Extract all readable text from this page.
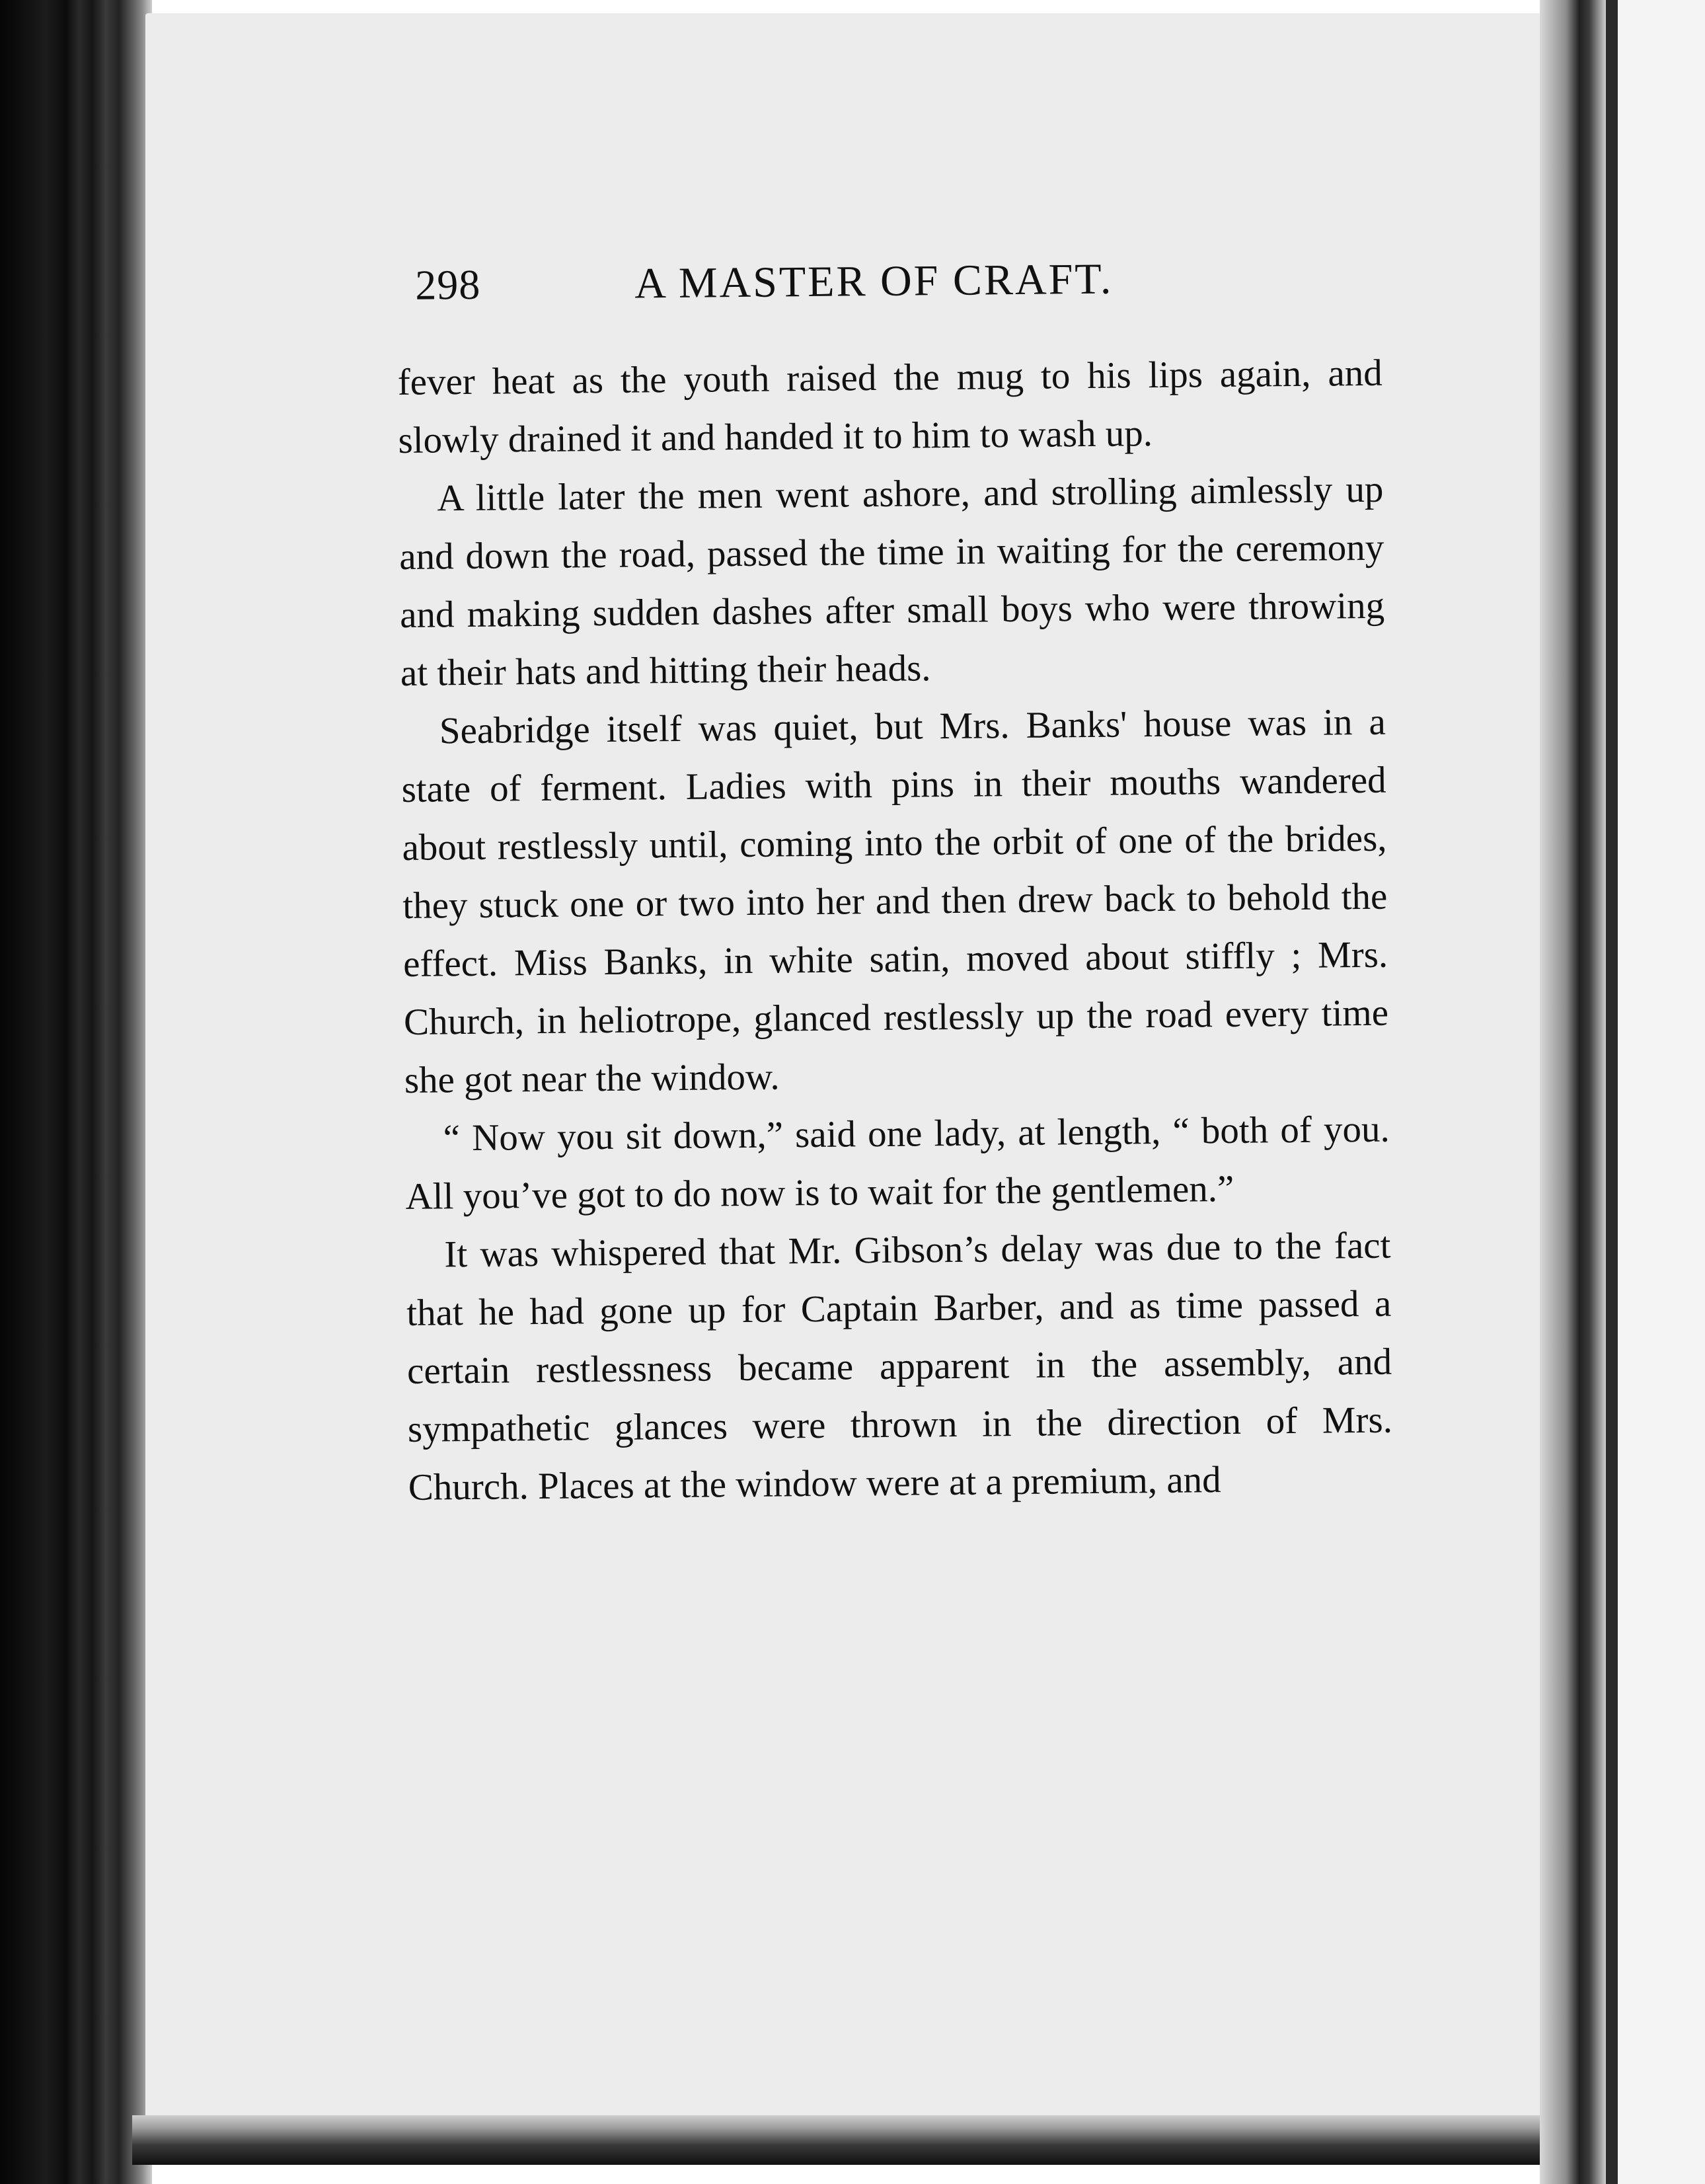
298	A MASTER OF CRAFT.

fever heat as the youth raised the mug to his lips again, and slowly drained it and handed it to him to wash up.

A little later the men went ashore, and strolling aimlessly up and down the road, passed the time in waiting for the ceremony and making sudden dashes after small boys who were throwing at their hats and hitting their heads.

Seabridge itself was quiet, but Mrs. Banks' house was in a state of ferment. Ladies with pins in their mouths wandered about restlessly until, coming into the orbit of one of the brides, they stuck one or two into her and then drew back to behold the effect. Miss Banks, in white satin, moved about stiffly ; Mrs. Church, in heliotrope, glanced restlessly up the road every time she got near the window.

“ Now you sit down,” said one lady, at length, “ both of you. All you’ve got to do now is to wait for the gentlemen.”

It was whispered that Mr. Gibson’s delay was due to the fact that he had gone up for Captain Barber, and as time passed a certain restlessness became apparent in the assembly, and sympathetic glances were thrown in the direction of Mrs. Church. Places at the window were at a premium, and
